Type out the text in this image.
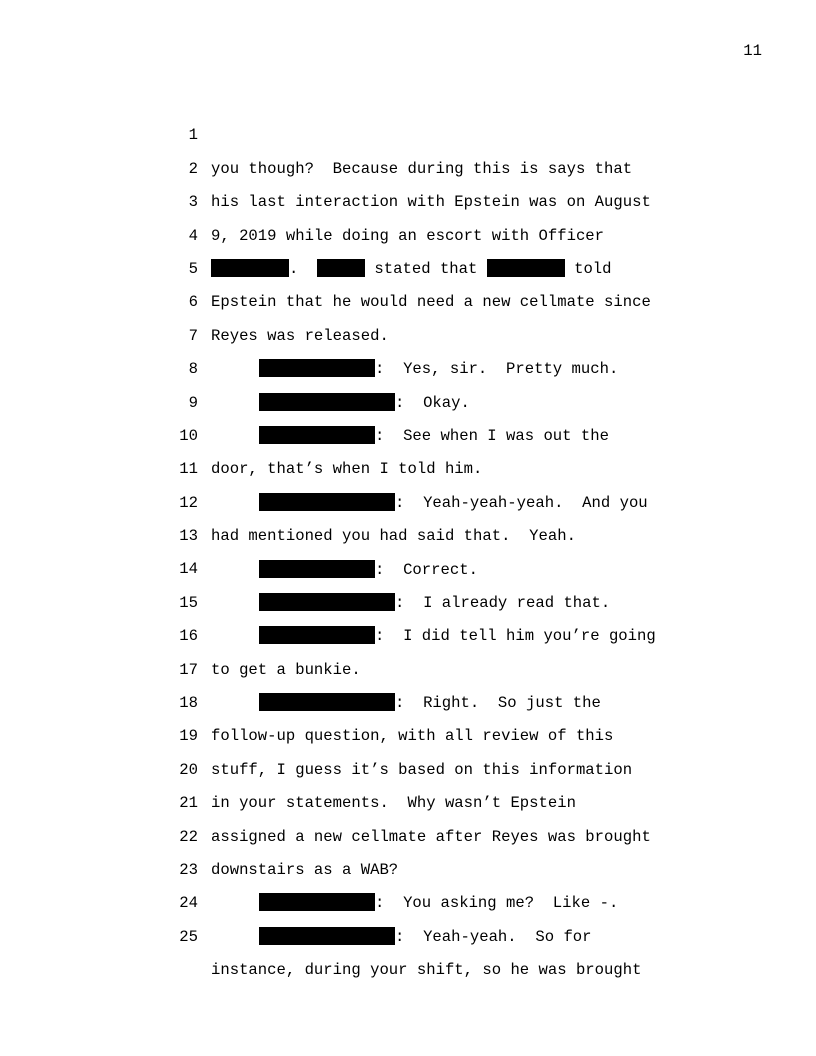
11

1

you though?  Because during this is says that

2

his last interaction with Epstein was on August

3

9, 2019 while doing an escort with Officer

4

.	stated that	told

5

Epstein that he would need a new cellmate since

6

Reyes was released.

7

:  Yes, sir.  Pretty much.

8

:  Okay.

9

:  See when I was out the

10

door, that’s when I told him.

11

:  Yeah-yeah-yeah.  And you

12

had mentioned you had said that.  Yeah.

13

:  Correct.

14

:  I already read that.

15

:  I did tell him you’re going

16

to get a bunkie.

17

:  Right.  So just the

18

follow-up question, with all review of this

19

stuff, I guess it’s based on this information

20

in your statements.  Why wasn’t Epstein

21

assigned a new cellmate after Reyes was brought

22

downstairs as a WAB?

23

:  You asking me?  Like -.

24

:  Yeah-yeah.  So for

25

instance, during your shift, so he was brought
